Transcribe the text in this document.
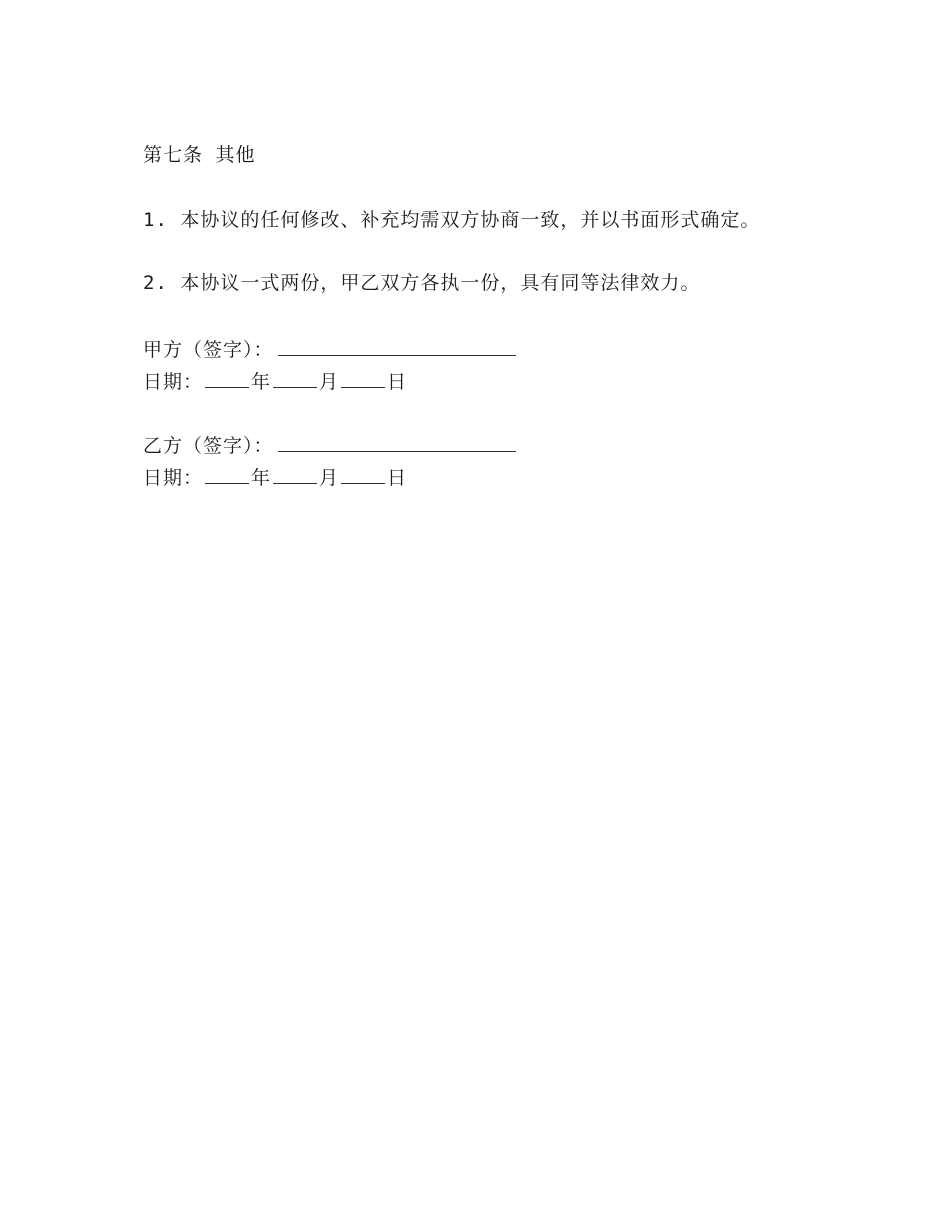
第七条 其他
1. 本协议的任何修改、补充均需双方协商一致，并以书面形式确定。
2. 本协议一式两份，甲乙双方各执一份，具有同等法律效力。
甲方（签字）：
日期：	年	月	日
乙方（签字）：
日期：	年	月	日
